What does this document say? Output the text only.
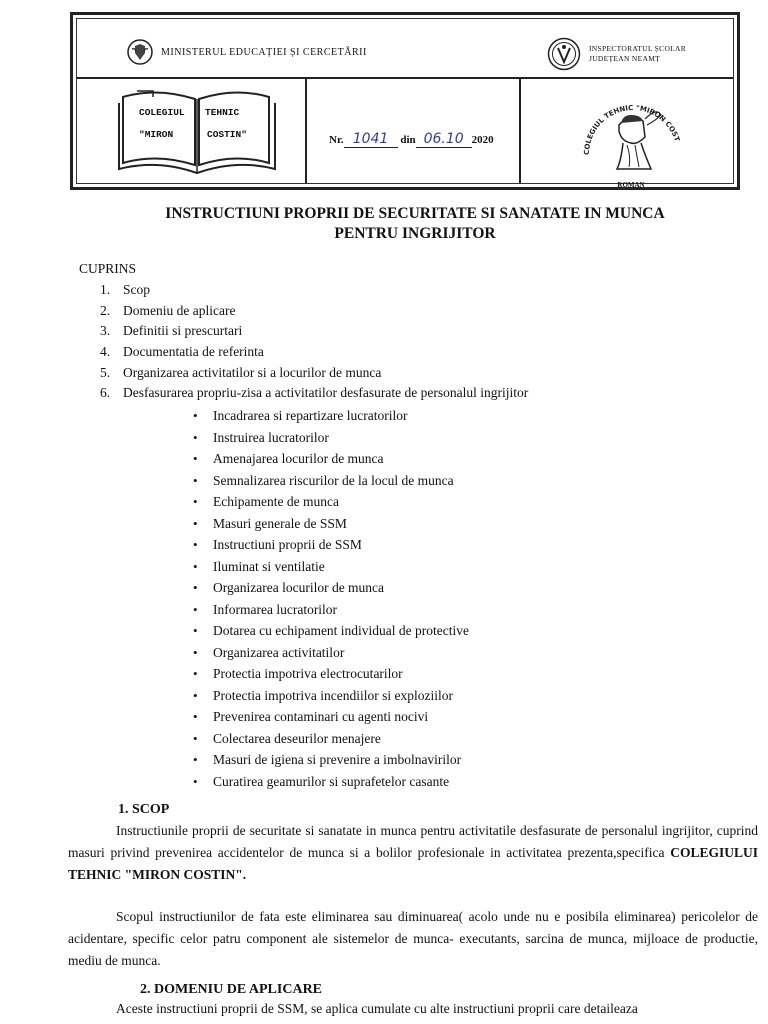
MINISTERUL EDUCAȚIEI ȘI CERCETĂRII	INSPECTORATUL ȘCOLAR JUDEȚEAN NEAMȚ
COLEGIUL TEHNIC
"MIRON	COSTIN"	Nr. 1041 din 06.10 2020
COLEGIUL TEHNIC "MIRON COST
ROMAN
INSTRUCTIUNI PROPRII DE SECURITATE SI SANATATE IN MUNCA
PENTRU INGRIJITOR
CUPRINS
1. Scop
2. Domeniu de aplicare
3. Definitii si prescurtari
4. Documentatia de referinta
5. Organizarea activitatilor si a locurilor de munca
6. Desfasurarea propriu-zisa a activitatilor desfasurate de personalul ingrijitor
• Incadrarea si repartizare lucratorilor
• Instruirea lucratorilor
• Amenajarea locurilor de munca
• Semnalizarea riscurilor de la locul de munca
• Echipamente de munca
• Masuri generale de SSM
• Instructiuni proprii de SSM
• Iluminat si ventilatie
• Organizarea locurilor de munca
• Informarea lucratorilor
• Dotarea cu echipament individual de protective
• Organizarea activitatilor
• Protectia impotriva electrocutarilor
• Protectia impotriva incendiilor si exploziilor
• Prevenirea contaminari cu agenti nocivi
• Colectarea deseurilor menajere
• Masuri de igiena si prevenire a imbolnavirilor
• Curatirea geamurilor si suprafetelor casante
1. SCOP

Instructiunile proprii de securitate si sanatate in munca pentru activitatile desfasurate de personalul ingrijitor, cuprind masuri privind prevenirea accidentelor de munca si a bolilor profesionale in activitatea prezenta,specifica COLEGIULUI TEHNIC "MIRON COSTIN".

Scopul instructiunilor de fata este eliminarea sau diminuarea( acolo unde nu e posibila eliminarea) pericolelor de acidentare, specific celor patru component ale sistemelor de munca- executants, sarcina de munca, mijloace de productie, mediu de munca.

2. DOMENIU DE APLICARE

Aceste instructiuni proprii de SSM, se aplica cumulate cu alte instructiuni proprii care detaileaza
